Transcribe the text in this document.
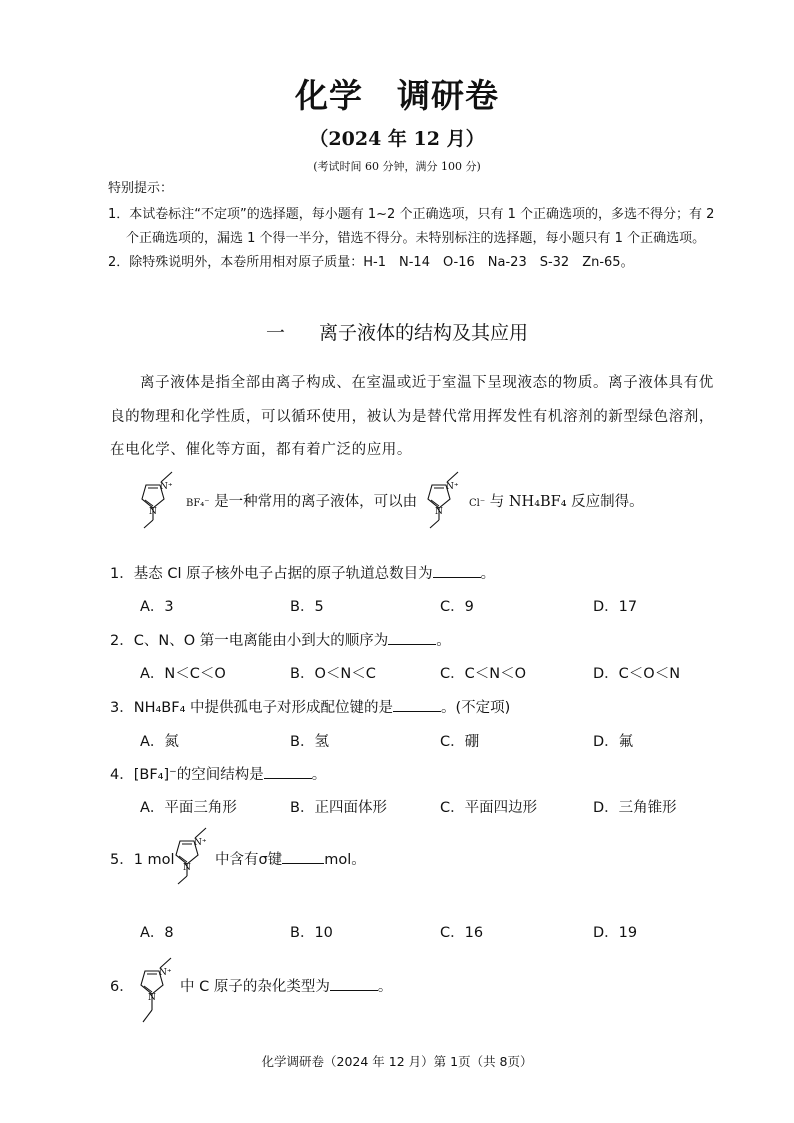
化学　调研卷
（2024 年 12 月）
(考试时间 60 分钟，满分 100 分)
特别提示：
1．本试卷标注“不定项”的选择题，每小题有 1~2 个正确选项，只有 1 个正确选项的，多选不得分；有 2
个正确选项的，漏选 1 个得一半分，错选不得分。未特别标注的选择题，每小题只有 1 个正确选项。
2．除特殊说明外，本卷所用相对原子质量：H-1　N-14　O-16　Na-23　S-32　Zn-65。
一 离子液体的结构及其应用
离子液体是指全部由离子构成、在室温或近于室温下呈现液态的物质。离子液体具有优
良的物理和化学性质，可以循环使用，被认为是替代常用挥发性有机溶剂的新型绿色溶剂，
在电化学、催化等方面，都有着广泛的应用。
N⁺
N
BF₄⁻ 是一种常用的离子液体，可以由
N⁺
N
Cl⁻ 与 NH₄BF₄ 反应制得。
1．基态 Cl 原子核外电子占据的原子轨道总数目为	。
A．3	B．5	C．9	D．17
2．C、N、O 第一电离能由小到大的顺序为	。
A．N＜C＜O	B．O＜N＜C	C．C＜N＜O	D．C＜O＜N
3．NH₄BF₄ 中提供孤电子对形成配位键的是	。(不定项)
A．氮	B．氢	C．硼	D．氟
4．[BF₄]⁻的空间结构是	。
A．平面三角形	B．正四面体形	C．平面四边形	D．三角锥形
5．1 mol
N⁺
N 中含有σ键	mol。
A．8	B．10	C．16	D．19
6．
N⁺
N
中 C 原子的杂化类型为	。
化学调研卷（2024 年 12 月）第 1页（共 8页）
